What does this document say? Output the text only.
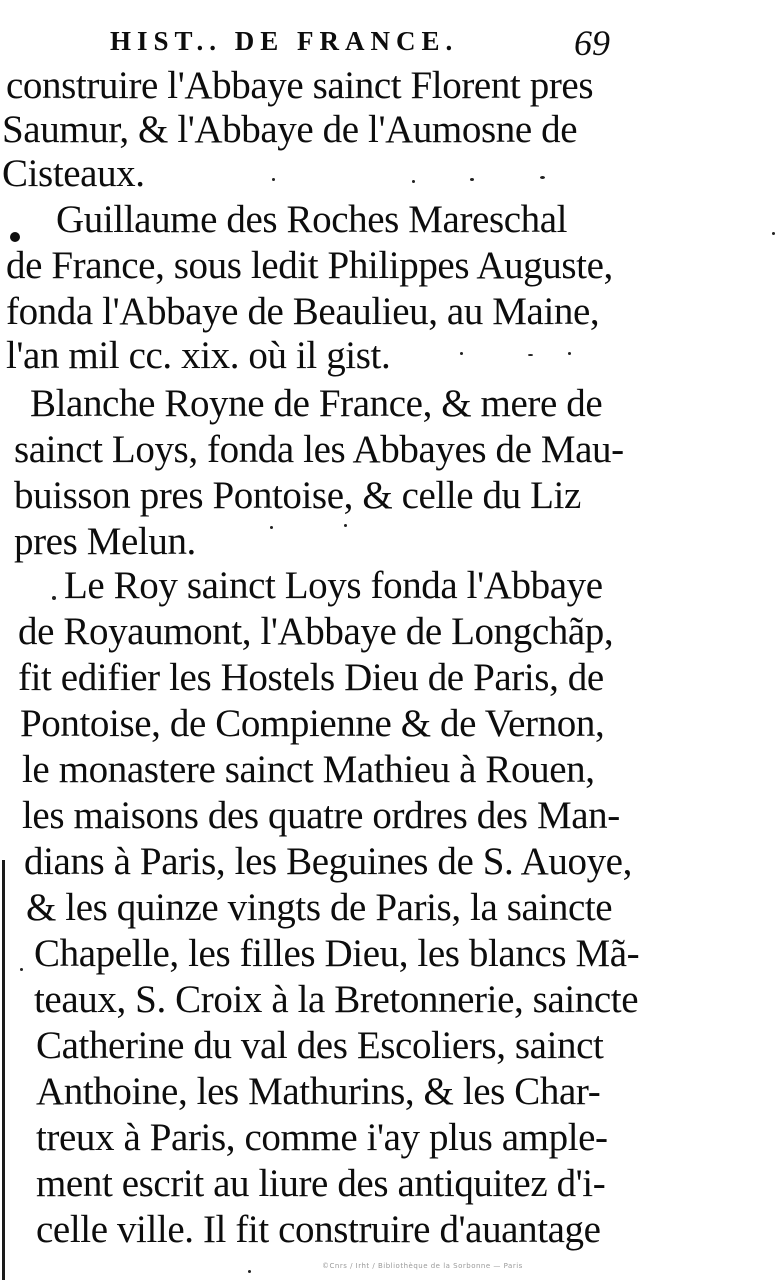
HIST.. DE FRANCE.	69
construire l'Abbaye sainct Florent pres
Saumur, & l'Abbaye de l'Aumosne de
Cisteaux.
Guillaume des Roches Mareschal
de France, sous ledit Philippes Auguste,
fonda l'Abbaye de Beaulieu, au Maine,
l'an mil cc. xix. où il gist.
Blanche Royne de France, & mere de
sainct Loys, fonda les Abbayes de Mau-
buisson pres Pontoise, & celle du Liz
pres Melun.
Le Roy sainct Loys fonda l'Abbaye
de Royaumont, l'Abbaye de Longchãp,
fit edifier les Hostels Dieu de Paris, de
Pontoise, de Compienne & de Vernon,
le monastere sainct Mathieu à Rouen,
les maisons des quatre ordres des Man-
dians à Paris, les Beguines de S. Auoye,
& les quinze vingts de Paris, la saincte
Chapelle, les filles Dieu, les blancs Mã-
teaux, S. Croix à la Bretonnerie, saincte
Catherine du val des Escoliers, sainct
Anthoine, les Mathurins, & les Char-
treux à Paris, comme i'ay plus ample-
ment escrit au liure des antiquitez d'i-
celle ville. Il fit construire d'auantage
©Cnrs / Irht / Bibliothèque de la Sorbonne — Paris
